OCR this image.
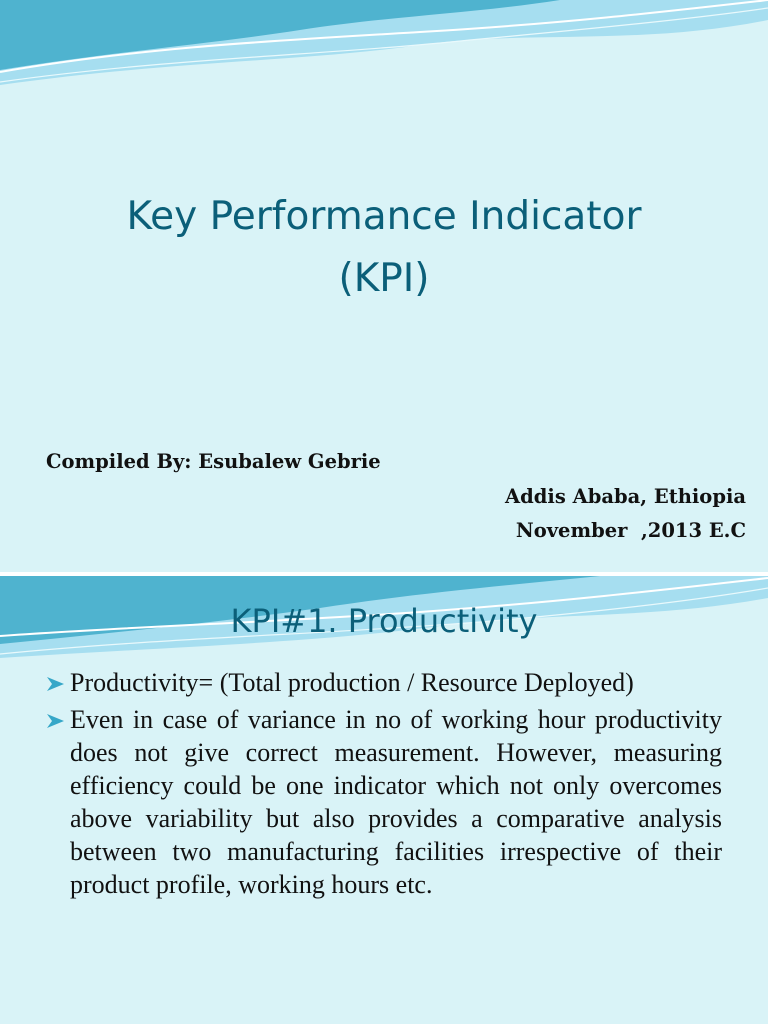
Key Performance Indicator
(KPI)
Compiled By: Esubalew Gebrie
Addis Ababa, Ethiopia
November  ,2013 E.C
KPI#1. Productivity
Productivity= (Total production / Resource Deployed)
Even in case of variance in no of working hour productivity does not give correct measurement. However, measuring efficiency could be one indicator which not only overcomes above variability but also provides a comparative analysis between two manufacturing facilities irrespective of their product profile, working hours etc.
